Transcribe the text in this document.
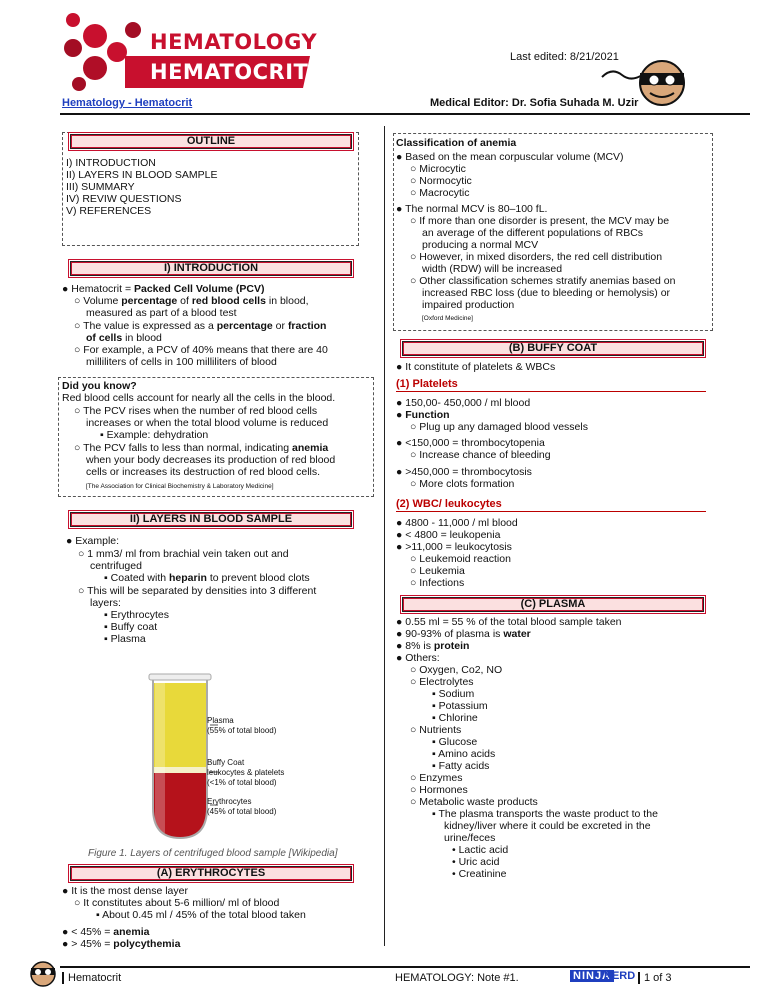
HEMATOLOGY
HEMATOCRIT
Last edited: 8/21/2021
Hematology - Hematocrit	Medical Editor: Dr. Sofia Suhada M. Uzir
OUTLINE
I) INTRODUCTION
II) LAYERS IN BLOOD SAMPLE
III) SUMMARY
IV) REVIW QUESTIONS
V) REFERENCES
I) INTRODUCTION
● Hematocrit = Packed Cell Volume (PCV)
○ Volume percentage of red blood cells in blood,
measured as part of a blood test
○ The value is expressed as a percentage or fraction
of cells in blood
○ For example, a PCV of 40% means that there are 40
milliliters of cells in 100 milliliters of blood
Did you know?
Red blood cells account for nearly all the cells in the blood.
○ The PCV rises when the number of red blood cells
increases or when the total blood volume is reduced
▪ Example: dehydration
○ The PCV falls to less than normal, indicating anemia
when your body decreases its production of red blood
cells or increases its destruction of red blood cells.
[The Association for Clinical Biochemistry & Laboratory Medicine]
II) LAYERS IN BLOOD SAMPLE
● Example:
○ 1 mm3/ ml from brachial vein taken out and
centrifuged
▪ Coated with heparin to prevent blood clots
○ This will be separated by densities into 3 different
layers:
▪ Erythrocytes
▪ Buffy coat
▪ Plasma
Plasma
(55% of total blood)
Buffy Coat
leukocytes & platelets
(<1% of total blood)
Erythrocytes
(45% of total blood)
Figure 1. Layers of centrifuged blood sample [Wikipedia]
(A) ERYTHROCYTES
● It is the most dense layer
○ It constitutes about 5-6 million/ ml of blood
▪ About 0.45 ml / 45% of the total blood taken
● < 45% = anemia
● > 45% = polycythemia
Classification of anemia
● Based on the mean corpuscular volume (MCV)
○ Microcytic
○ Normocytic
○ Macrocytic
● The normal MCV is 80–100 fL.
○ If more than one disorder is present, the MCV may be
an average of the different populations of RBCs
producing a normal MCV
○ However, in mixed disorders, the red cell distribution
width (RDW) will be increased
○ Other classification schemes stratify anemias based on
increased RBC loss (due to bleeding or hemolysis) or
impaired production
[Oxford Medicine]
(B) BUFFY COAT
● It constitute of platelets & WBCs
(1) Platelets
● 150,00- 450,000 / ml blood
● Function
○ Plug up any damaged blood vessels
● <150,000 = thrombocytopenia
○ Increase chance of bleeding
● >450,000 = thrombocytosis
○ More clots formation
(2) WBC/ leukocytes
● 4800 - 11,000 / ml blood
● < 4800 = leukopenia
● >11,000 = leukocytosis
○ Leukemoid reaction
○ Leukemia
○ Infections
(C) PLASMA
● 0.55 ml = 55 % of the total blood sample taken
● 90-93% of plasma is water
● 8% is protein
● Others:
○ Oxygen, Co2, NO
○ Electrolytes
▪ Sodium
▪ Potassium
▪ Chlorine
○ Nutrients
▪ Glucose
▪ Amino acids
▪ Fatty acids
○ Enzymes
○ Hormones
○ Metabolic waste products
▪ The plasma transports the waste product to the
kidney/liver where it could be excreted in the
urine/feces
• Lactic acid
• Uric acid
• Creatinine
Hematocrit	HEMATOLOGY: Note #1.	NINJA
NERD 1 of 3
